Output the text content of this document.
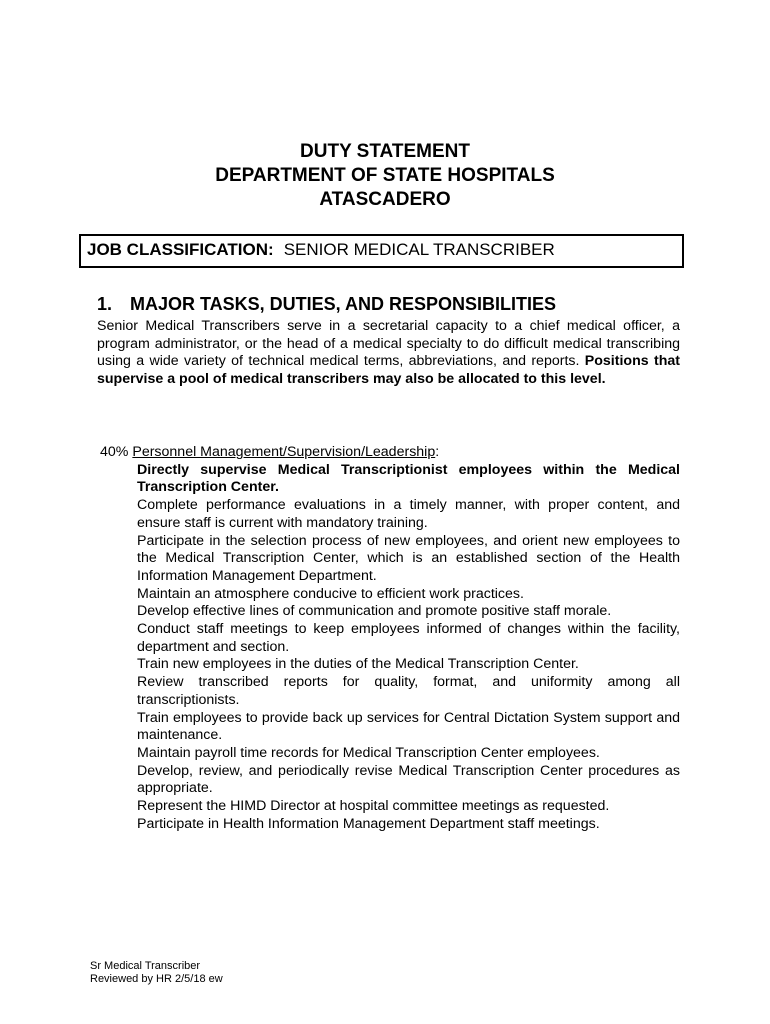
DUTY STATEMENT
DEPARTMENT OF STATE HOSPITALS
ATASCADERO
JOB CLASSIFICATION: SENIOR MEDICAL TRANSCRIBER
1. MAJOR TASKS, DUTIES, AND RESPONSIBILITIES
Senior Medical Transcribers serve in a secretarial capacity to a chief medical officer, a program administrator, or the head of a medical specialty to do difficult medical transcribing using a wide variety of technical medical terms, abbreviations, and reports. Positions that supervise a pool of medical transcribers may also be allocated to this level.
40% Personnel Management/Supervision/Leadership:

Directly supervise Medical Transcriptionist employees within the Medical Transcription Center.

Complete performance evaluations in a timely manner, with proper content, and ensure staff is current with mandatory training.

Participate in the selection process of new employees, and orient new employees to the Medical Transcription Center, which is an established section of the Health Information Management Department.

Maintain an atmosphere conducive to efficient work practices.

Develop effective lines of communication and promote positive staff morale.

Conduct staff meetings to keep employees informed of changes within the facility, department and section.

Train new employees in the duties of the Medical Transcription Center.

Review transcribed reports for quality, format, and uniformity among all transcriptionists.

Train employees to provide back up services for Central Dictation System support and maintenance.

Maintain payroll time records for Medical Transcription Center employees.

Develop, review, and periodically revise Medical Transcription Center procedures as appropriate.

Represent the HIMD Director at hospital committee meetings as requested.

Participate in Health Information Management Department staff meetings.

Sr Medical Transcriber
Reviewed by HR 2/5/18 ew
